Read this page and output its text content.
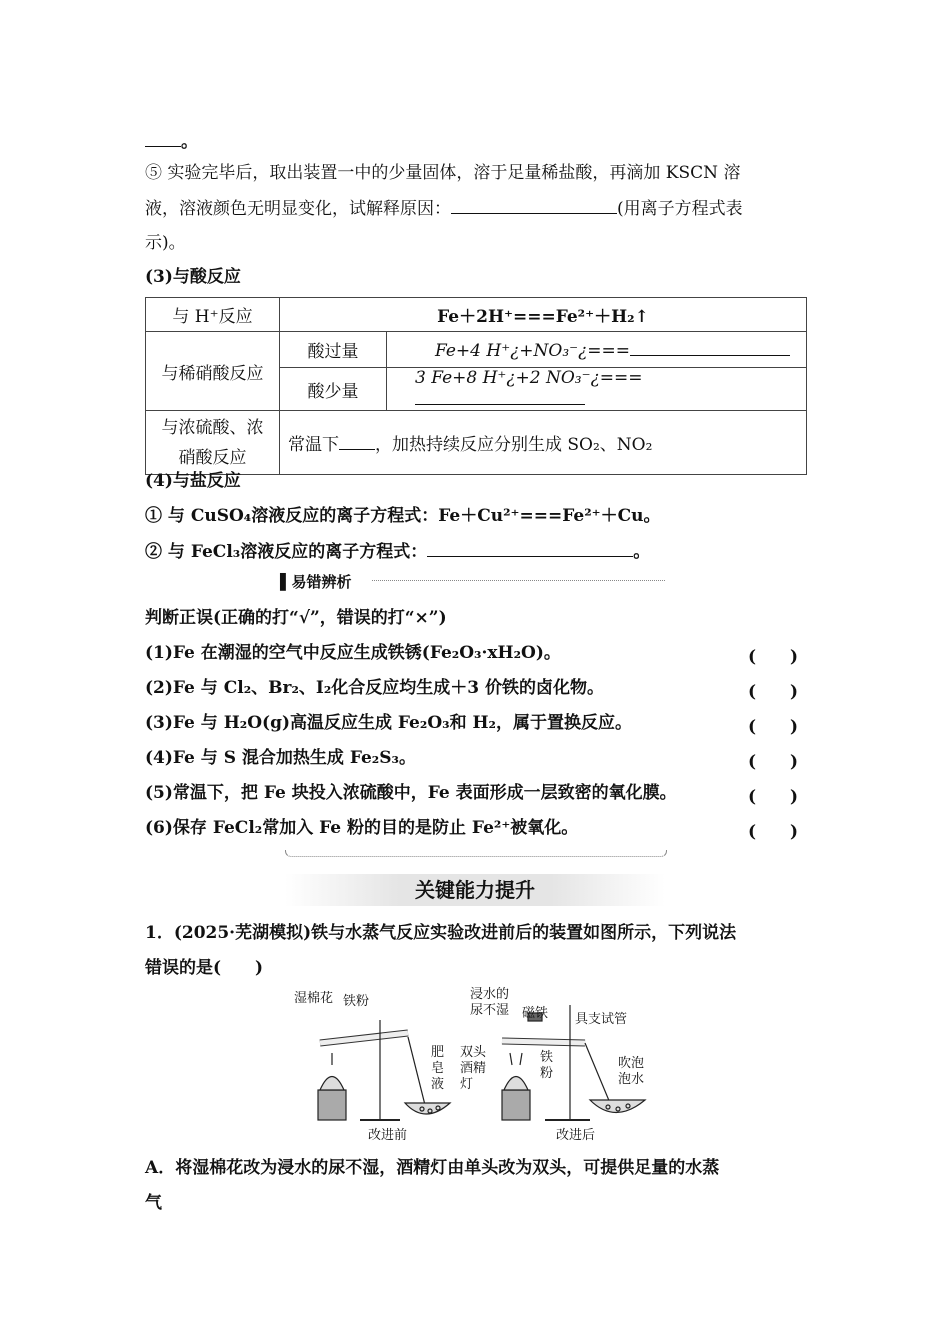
。
⑤ 实验完毕后，取出装置一中的少量固体，溶于足量稀盐酸，再滴加 KSCN 溶
液，溶液颜色无明显变化，试解释原因：	(用离子方程式表
示)。
(3)与酸反应
与 H⁺反应	Fe＋2H⁺===Fe²⁺＋H₂↑	
与稀硝酸反应	酸过量	Fe+4 H⁺¿+NO₃⁻¿===
	酸少量	3 Fe+8 H⁺¿+2 NO₃⁻¿===
与浓硫酸、浓
硝酸反应	常温下 ，加热持续反应分别生成 SO₂、NO₂	
(4)与盐反应
① 与 CuSO₄溶液反应的离子方程式：Fe＋Cu²⁺===Fe²⁺＋Cu。
② 与 FeCl₃溶液反应的离子方程式：	。
▌易错辨析
判断正误(正确的打“√”，错误的打“×”)
(1)Fe 在潮湿的空气中反应生成铁锈(Fe₂O₃·xH₂O)。	(　　)
(2)Fe 与 Cl₂、Br₂、I₂化合反应均生成＋3 价铁的卤化物。	(　　)
(3)Fe 与 H₂O(g)高温反应生成 Fe₂O₃和 H₂，属于置换反应。	(　　)
(4)Fe 与 S 混合加热生成 Fe₂S₃。	(　　)
(5)常温下，把 Fe 块投入浓硫酸中，Fe 表面形成一层致密的氧化膜。	(　　)
(6)保存 FeCl₂常加入 Fe 粉的目的是防止 Fe²⁺被氧化。	(　　)
关键能力提升
1．(2025·芜湖模拟)铁与水蒸气反应实验改进前后的装置如图所示，下列说法
错误的是(　　)
湿棉花 铁粉
肥
皂
液
改进前
浸水的
尿不湿 磁铁 具支试管
双头
酒精
灯
铁
粉
吹泡
泡水
改进后
A．将湿棉花改为浸水的尿不湿，酒精灯由单头改为双头，可提供足量的水蒸
气
